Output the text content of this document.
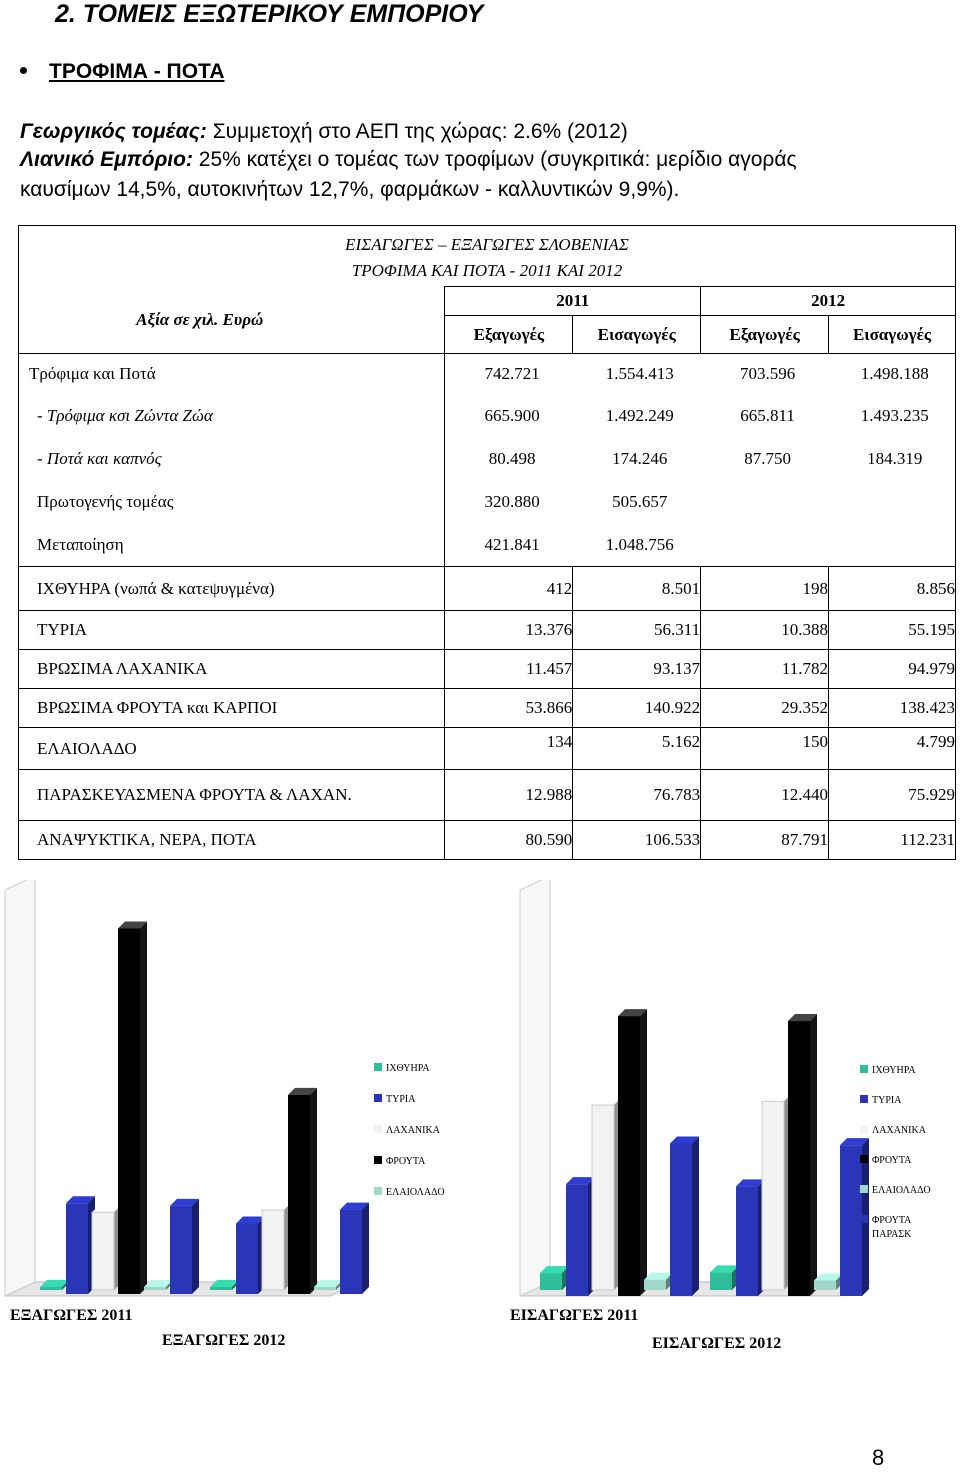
2. ΤΟΜΕΙΣ ΕΞΩΤΕΡΙΚΟΥ ΕΜΠΟΡΙΟΥ
ΤΡΟΦΙΜΑ - ΠΟΤΑ
Γεωργικός τομέας: Συμμετοχή στο ΑΕΠ της χώρας: 2.6% (2012)
Λιανικό Εμπόριο: 25% κατέχει ο τομέας των τροφίμων (συγκριτικά: μερίδιο αγοράς
καυσίμων 14,5%, αυτοκινήτων 12,7%, φαρμάκων - καλλυντικών 9,9%).
ΕΙΣΑΓΩΓΕΣ – ΕΞΑΓΩΓΕΣ ΣΛΟΒΕΝΙΑΣ
ΤΡΟΦΙΜΑ ΚΑΙ ΠΟΤΑ - 2011 ΚΑΙ 2012				

Αξία σε χιλ. Ευρώ	2011		2012	
	Εξαγωγές	Εισαγωγές	Εξαγωγές	Εισαγωγές
Τρόφιμα και Ποτά	742.721	1.554.413	703.596	1.498.188
- Τρόφιμα κσι Ζώντα Ζώα	665.900	1.492.249	665.811	1.493.235
- Ποτά και καπνός	80.498	174.246	87.750	184.319
Πρωτογενής τομέας	320.880	505.657		
Μεταποίηση	421.841	1.048.756		
ΙΧΘΥΗΡΑ (νωπά & κατεψυγμένα)	412	8.501	198	8.856
ΤΥΡΙΑ	13.376	56.311	10.388	55.195
ΒΡΩΣΙΜΑ ΛΑΧΑΝΙΚΑ	11.457	93.137	11.782	94.979
ΒΡΩΣΙΜΑ ΦΡΟΥΤΑ και ΚΑΡΠΟΙ	53.866	140.922	29.352	138.423
ΕΛΑΙΟΛΑΔΟ	134	5.162	150	4.799
ΠΑΡΑΣΚΕΥΑΣΜΕΝΑ ΦΡΟΥΤΑ & ΛΑΧΑΝ.	12.988	76.783	12.440	75.929
ΑΝΑΨΥΚΤΙΚΑ, ΝΕΡΑ, ΠΟΤΑ	80.590	106.533	87.791	112.231
ΙΧΘΥΗΡΑ
ΤΥΡΙΑ
ΛΑΧΑΝΙΚΑ
ΦΡΟΥΤΑ
ΕΛΑΙΟΛΑΔΟ
ΕΞΑΓΩΓΕΣ 2011
ΕΞΑΓΩΓΕΣ 2012
ΙΧΘΥΗΡΑ
ΤΥΡΙΑ
ΛΑΧΑΝΙΚΑ
ΦΡΟΥΤΑ
ΕΛΑΙΟΛΑΔΟ
ΦΡΟΥΤΑ
ΠΑΡΑΣΚ
ΕΙΣΑΓΩΓΕΣ 2011
ΕΙΣΑΓΩΓΕΣ 2012
8
